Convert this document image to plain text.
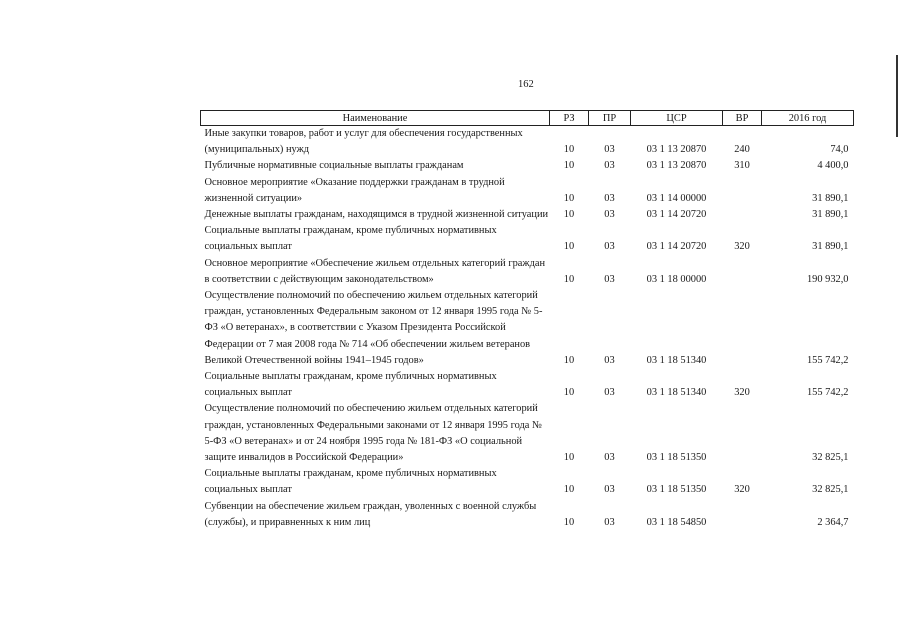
162
Наименование	РЗ	ПР	ЦСР	ВР	2016 год
Иные закупки товаров, работ и услуг для обеспечения государственных (муниципальных) нужд	10	03	03 1 13 20870	240	74,0
Публичные нормативные социальные выплаты гражданам	10	03	03 1 13 20870	310	4 400,0
Основное мероприятие «Оказание поддержки гражданам в трудной жизненной ситуации»	10	03	03 1 14 00000		31 890,1
Денежные выплаты гражданам, находящимся в трудной жизненной ситуации	10	03	03 1 14 20720		31 890,1
Социальные выплаты гражданам, кроме публичных нормативных социальных выплат	10	03	03 1 14 20720	320	31 890,1
Основное мероприятие «Обеспечение жильем отдельных категорий граждан в соответствии с действующим законодательством»	10	03	03 1 18 00000		190 932,0
Осуществление полномочий по обеспечению жильем отдельных категорий граждан, установленных Федеральным законом от 12 января 1995 года № 5-ФЗ «О ветеранах», в соответствии с Указом Президента Российской Федерации от 7 мая 2008 года № 714 «Об обеспечении жильем ветеранов Великой Отечественной войны 1941–1945 годов»	10	03	03 1 18 51340		155 742,2
Социальные выплаты гражданам, кроме публичных нормативных социальных выплат	10	03	03 1 18 51340	320	155 742,2
Осуществление полномочий по обеспечению жильем отдельных категорий граждан, установленных Федеральными законами от 12 января 1995 года № 5-ФЗ «О ветеранах» и от 24 ноября 1995 года № 181-ФЗ «О социальной защите инвалидов в Российской Федерации»	10	03	03 1 18 51350		32 825,1
Социальные выплаты гражданам, кроме публичных нормативных социальных выплат	10	03	03 1 18 51350	320	32 825,1
Субвенции на обеспечение жильем граждан, уволенных с военной службы (службы), и приравненных к ним лиц	10	03	03 1 18 54850		2 364,7
